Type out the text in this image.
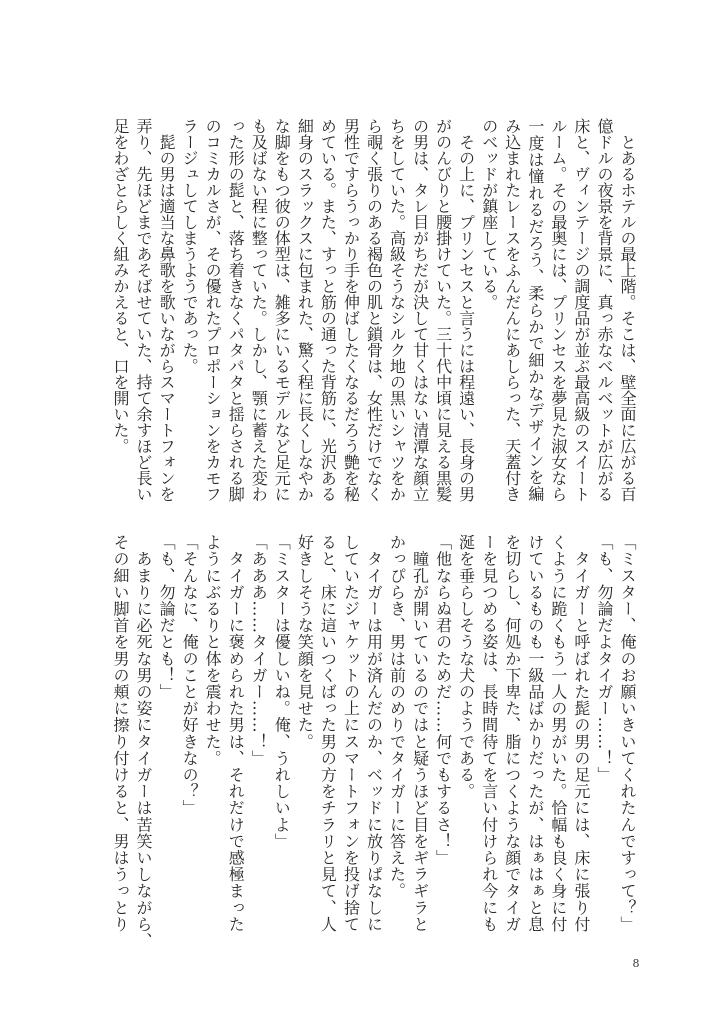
　とあるホテルの最上階。そこは、壁全面に広がる百
億ドルの夜景を背景に、真っ赤なベルベットが広がる
床と、ヴィンテージの調度品が並ぶ最高級のスイート
ルーム。その最奥には、プリンセスを夢見た淑女なら
一度は憧れるだろう、柔らかで細かなデザインを編
み込まれたレースをふんだんにあしらった、天蓋付き
のベッドが鎮座している。
　その上に、プリンセスと言うには程遠い、長身の男
がのんびりと腰掛けていた。三十代中頃に見える黒髪
の男は、タレ目がちだが決して甘くはない清潭な顔立
ちをしていた。高級そうなシルク地の黒いシャツをか
ら覗く張りのある褐色の肌と鎖骨は、女性だけでなく
男性ですらうっかり手を伸ばしたくなるだろう艶を秘
めている。また、すっと筋の通った背筋に、光沢ある
細身のスラックスに包まれた、驚く程に長くしなやか
な脚をもつ彼の体型は、雑多にいるモデルなど足元に
も及ばない程に整っていた。しかし、顎に蓄えた変わ
った形の髭と、落ち着きなくパタパタと揺らされる脚
のコミカルさが、その優れたプロポーションをカモフ
ラージュしてしまうようであった。
　髭の男は適当な鼻歌を歌いながらスマートフォンを
弄り、先ほどまであそばせていた、持て余すほど長い
足をわざとらしく組みかえると、口を開いた。
「ミスター、俺のお願いきいてくれたんですって？」
「も、勿論だよタイガー……！」
　タイガーと呼ばれた髭の男の足元には、床に張り付
くように跪くもう一人の男がいた。恰幅も良く身に付
けているものも一級品ばかりだったが、はぁはぁと息
を切らし、何処か下卑た、脂につくような顔でタイガ
ーを見つめる姿は、長時間待てを言い付けられ今にも
涎を垂らしそうな犬のようである。
「他ならぬ君のためだ……何でもするさ！」
　瞳孔が開いているのではと疑うほど目をギラギラと
かっぴらき、男は前のめりでタイガーに答えた。
　タイガーは用が済んだのか、ベッドに放りぱなしに
していたジャケットの上にスマートフォンを投げ捨て
ると、床に這いつくばった男の方をチラリと見て、人
好きしそうな笑顔を見せた。
「ミスターは優しいね。俺、うれしいよ」
「あああ……タイガー……！」
　タイガーに褒められた男は、それだけで感極まった
ようにぶるりと体を震わせた。
「そんなに、俺のことが好きなの？」
「も、勿論だとも！」
　あまりに必死な男の姿にタイガーは苦笑いしながら、
その細い脚首を男の頬に擦り付けると、男はうっとり
8
